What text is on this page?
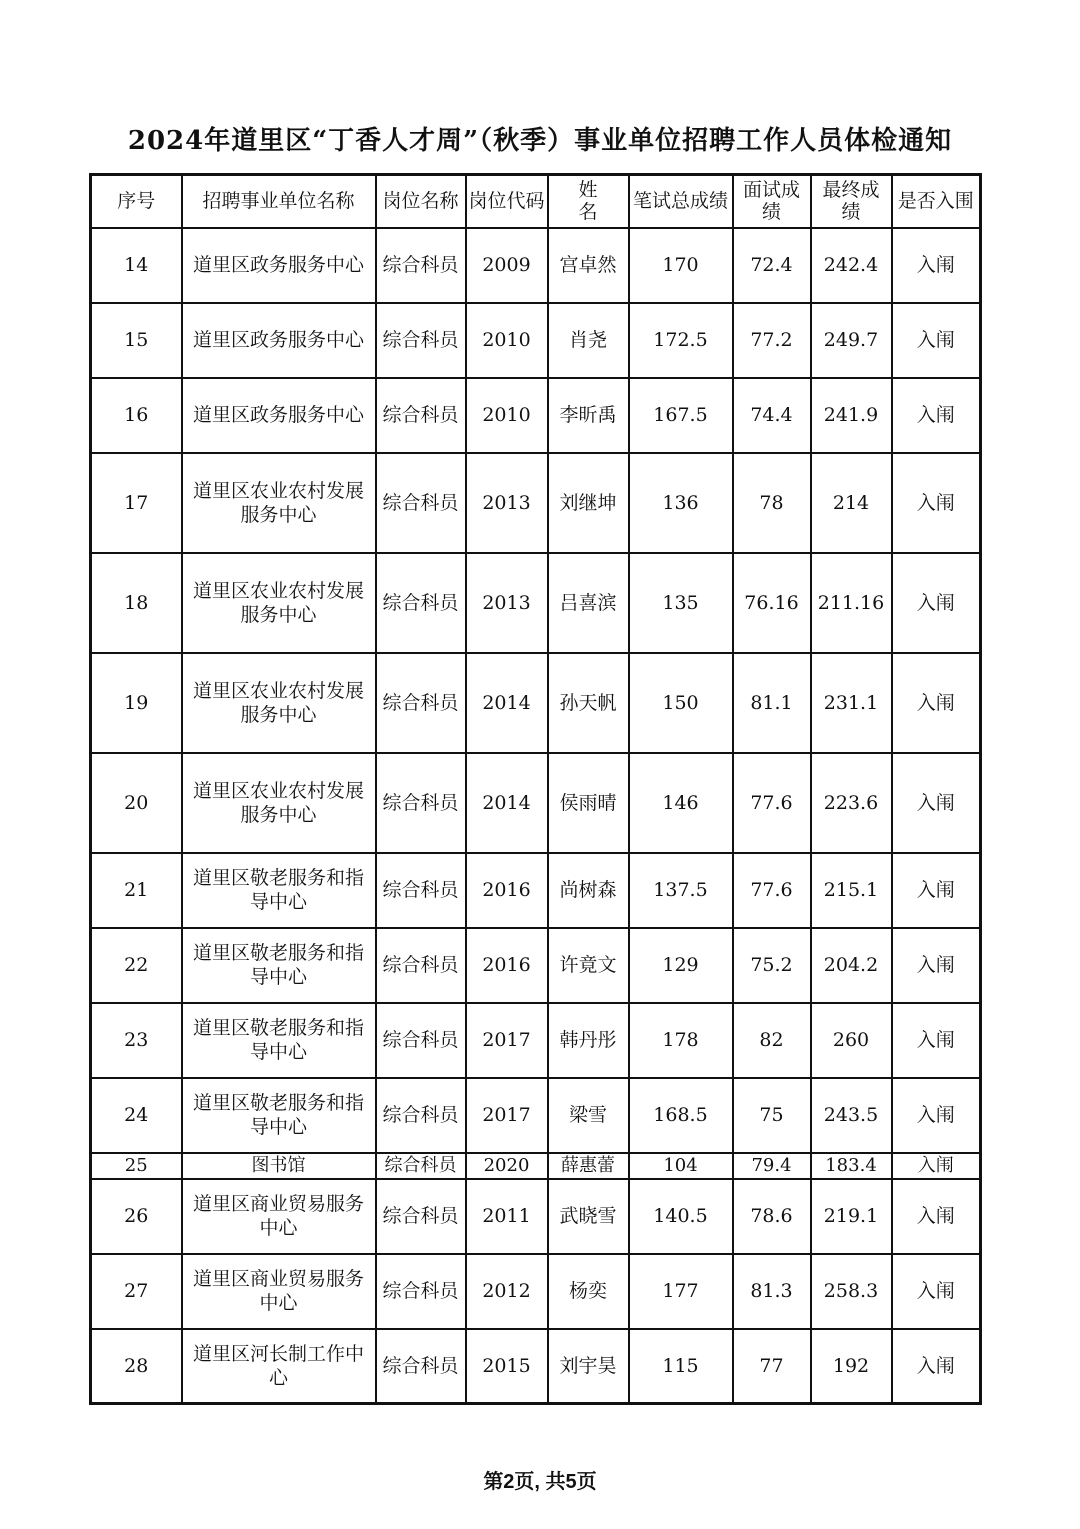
2024年道里区“丁香人才周”（秋季）事业单位招聘工作人员体检通知
序号	招聘事业单位名称	岗位名称	岗位代码	姓　　名	笔试总成绩	面试成绩	最终成绩	是否入围
14	道里区政务服务中心	综合科员	2009	宫卓然	170	72.4	242.4	入闱
15	道里区政务服务中心	综合科员	2010	肖尧	172.5	77.2	249.7	入闱
16	道里区政务服务中心	综合科员	2010	李昕禹	167.5	74.4	241.9	入闱
17	道里区农业农村发展服务中心	综合科员	2013	刘继坤	136	78	214	入闱
18	道里区农业农村发展服务中心	综合科员	2013	吕喜滨	135	76.16	211.16	入闱
19	道里区农业农村发展服务中心	综合科员	2014	孙天帆	150	81.1	231.1	入闱
20	道里区农业农村发展服务中心	综合科员	2014	侯雨晴	146	77.6	223.6	入闱
21	道里区敬老服务和指导中心	综合科员	2016	尚树森	137.5	77.6	215.1	入闱
22	道里区敬老服务和指导中心	综合科员	2016	许竟文	129	75.2	204.2	入闱
23	道里区敬老服务和指导中心	综合科员	2017	韩丹彤	178	82	260	入闱
24	道里区敬老服务和指导中心	综合科员	2017	梁雪	168.5	75	243.5	入闱
25	图书馆	综合科员	2020	薛惠蕾	104	79.4	183.4	入闱
26	道里区商业贸易服务中心	综合科员	2011	武晓雪	140.5	78.6	219.1	入闱
27	道里区商业贸易服务中心	综合科员	2012	杨奕	177	81.3	258.3	入闱
28	道里区河长制工作中心	综合科员	2015	刘宇昊	115	77	192	入闱
第2页, 共5页
